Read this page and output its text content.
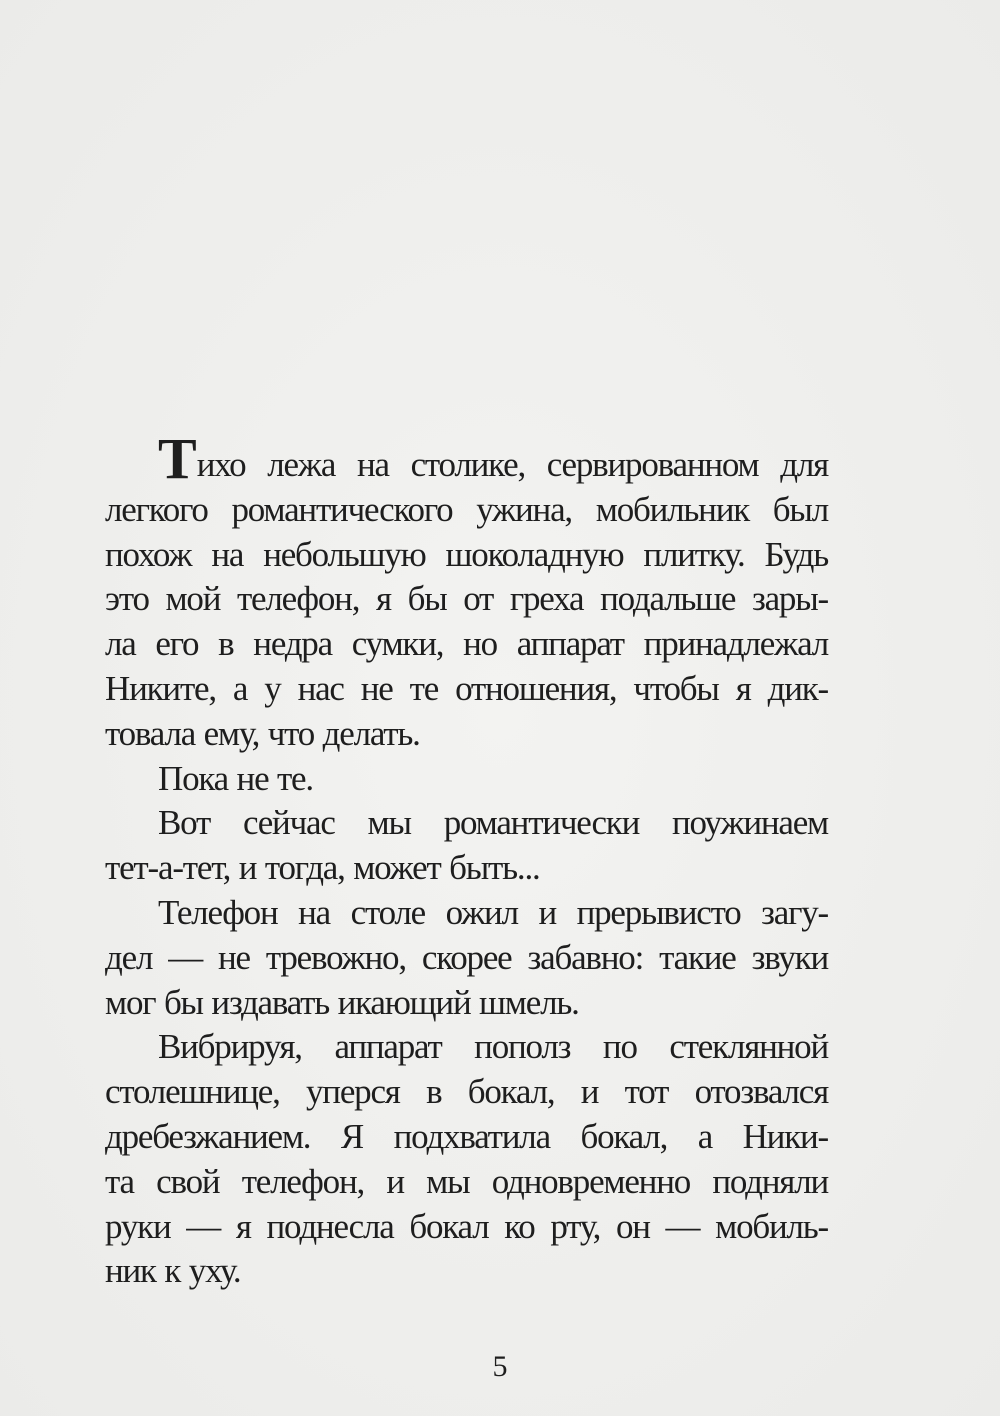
Тихо лежа на столике, сервированном для
легкого романтического ужина, мобильник был
похож на небольшую шоколадную плитку. Будь
это мой телефон, я бы от греха подальше зары-
ла его в недра сумки, но аппарат принадлежал
Никите, а у нас не те отношения, чтобы я дик-
товала ему, что делать.
Пока не те.
Вот сейчас мы романтически поужинаем
тет-а-тет, и тогда, может быть...
Телефон на столе ожил и прерывисто загу-
дел — не тревожно, скорее забавно: такие звуки
мог бы издавать икающий шмель.
Вибрируя, аппарат пополз по стеклянной
столешнице, уперся в бокал, и тот отозвался
дребезжанием. Я подхватила бокал, а Ники-
та свой телефон, и мы одновременно подняли
руки — я поднесла бокал ко рту, он — мобиль-
ник к уху.
5
